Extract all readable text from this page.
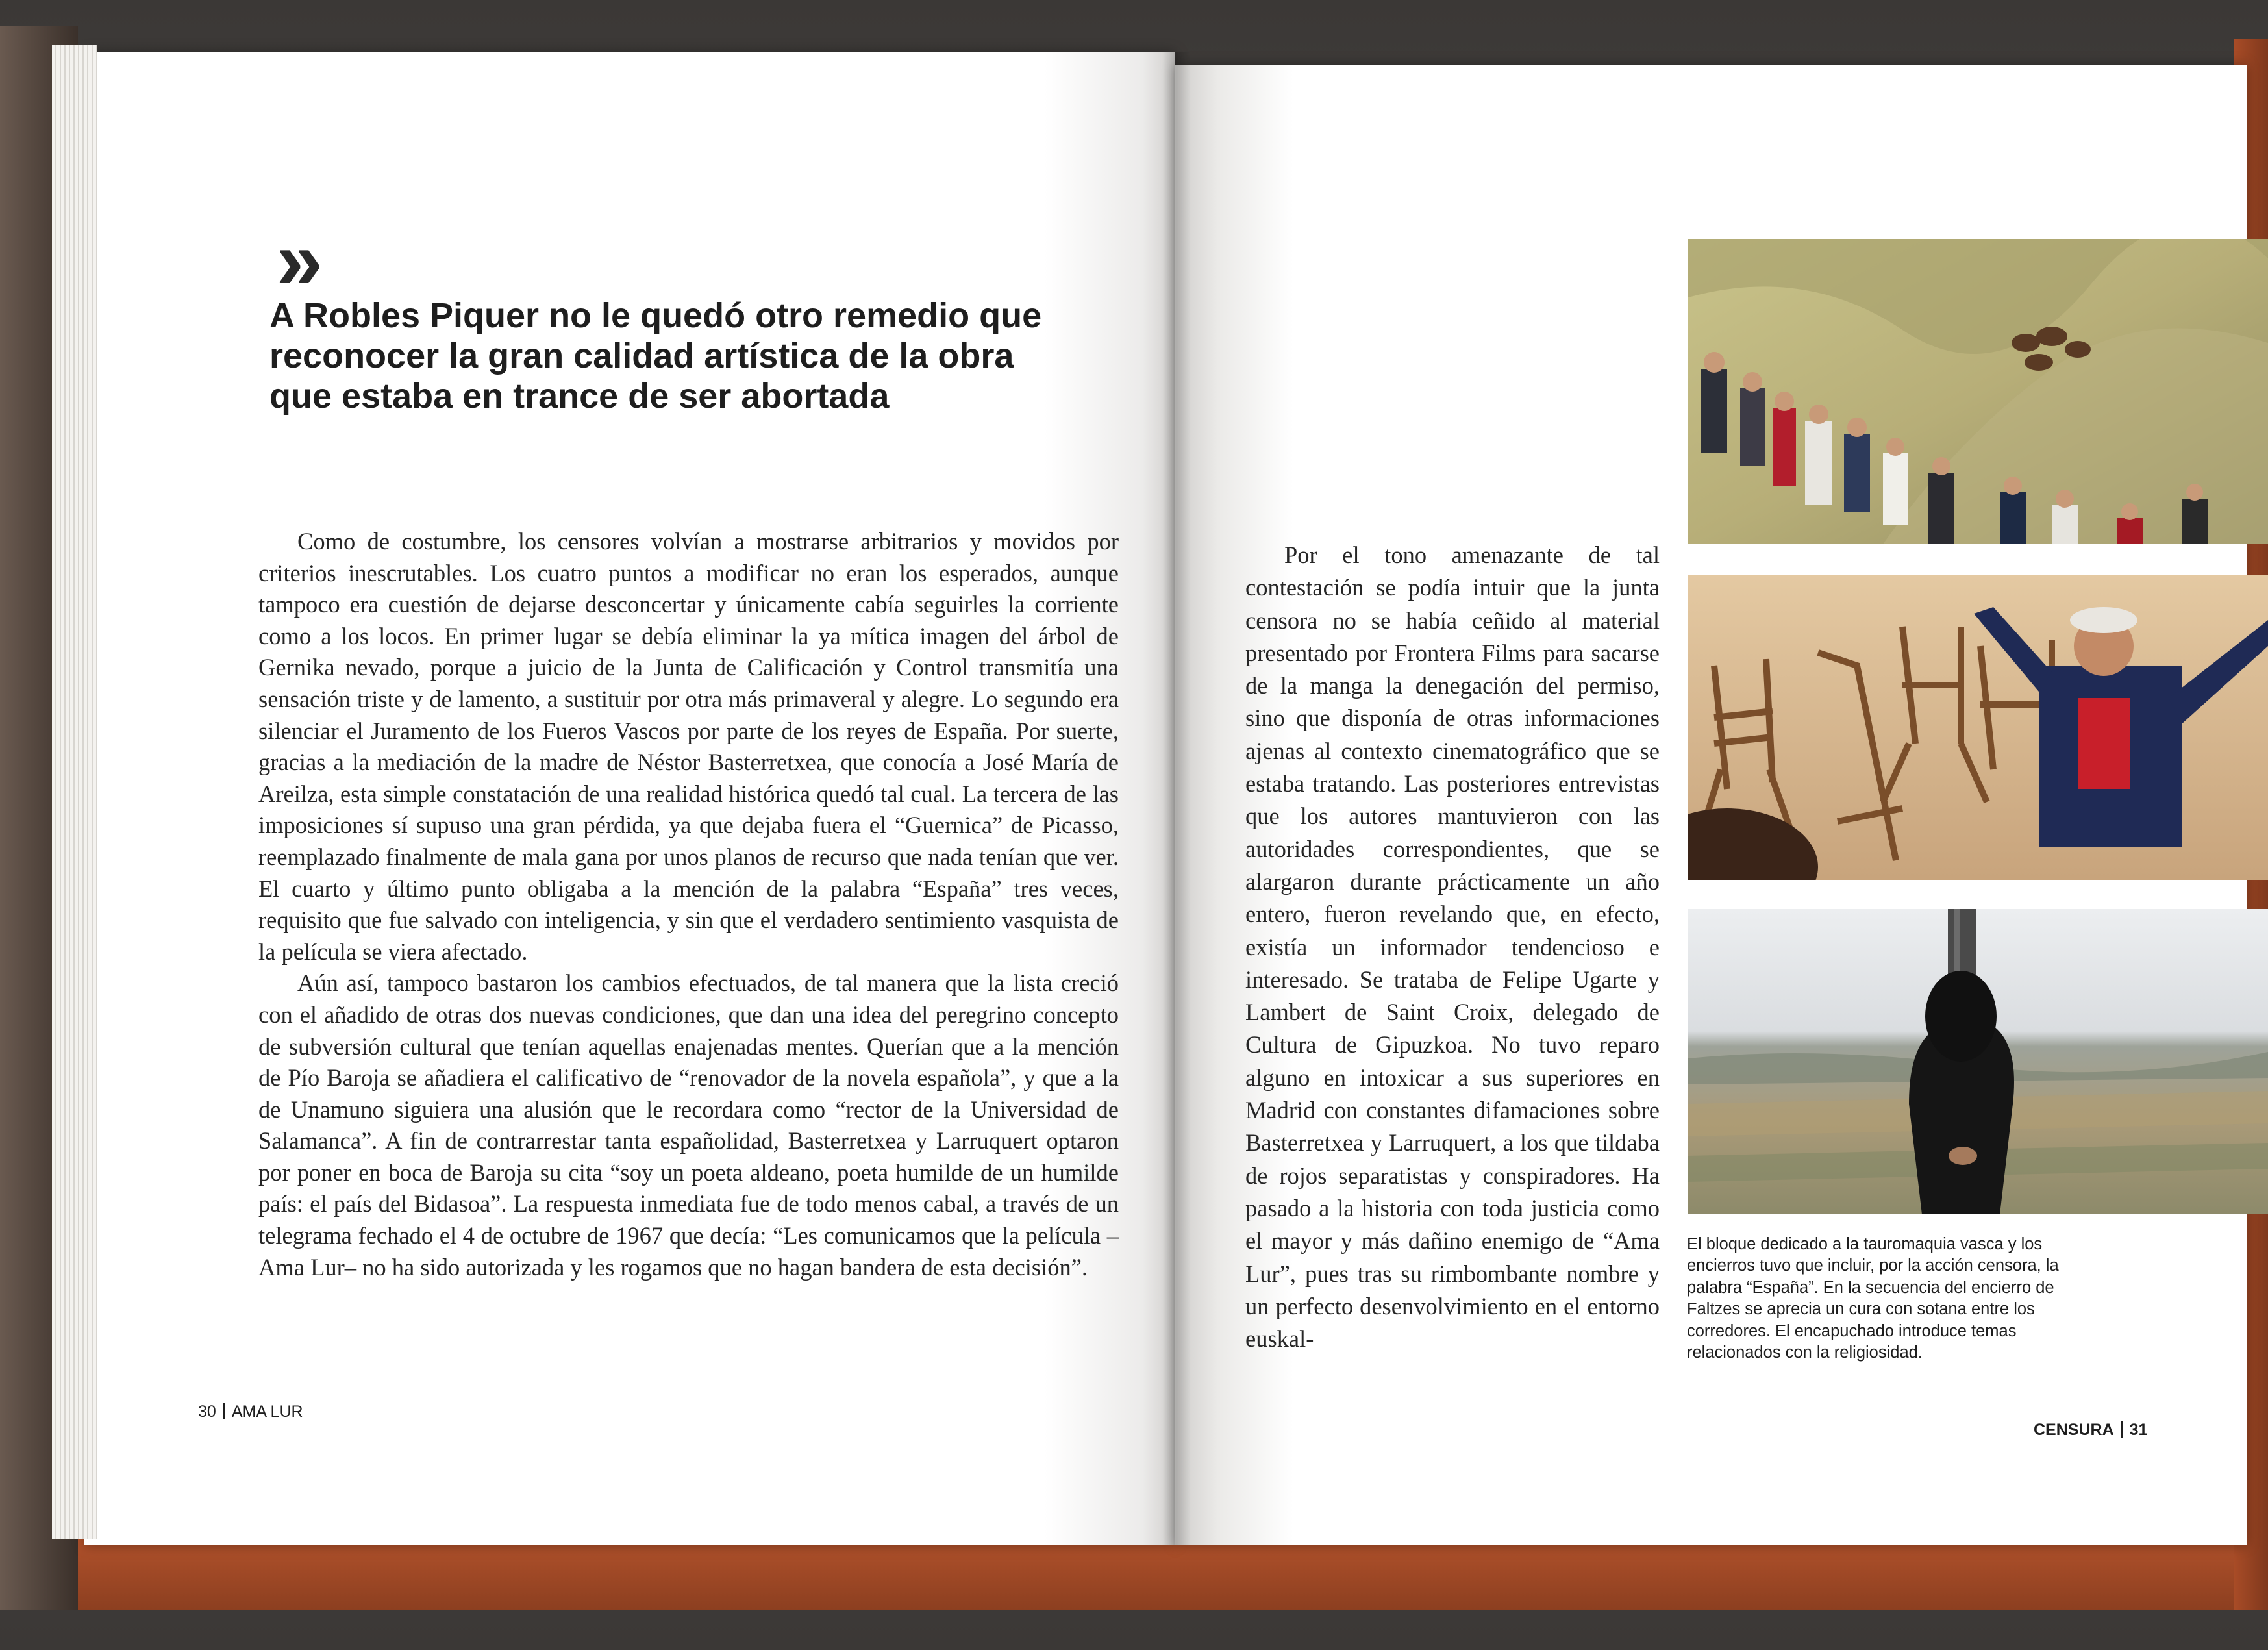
»
A Robles Piquer no le quedó otro remedio que reconocer la gran calidad artística de la obra que estaba en trance de ser abortada

Como de costumbre, los censores volvían a mostrarse arbitrarios y movidos por criterios inescrutables. Los cuatro puntos a modificar no eran los esperados, aunque tampoco era cuestión de dejarse desconcertar y únicamente cabía seguirles la corriente como a los locos. En primer lugar se debía eliminar la ya mítica imagen del árbol de Gernika nevado, porque a juicio de la Junta de Calificación y Control transmitía una sensación triste y de lamento, a sustituir por otra más primaveral y alegre. Lo segundo era silenciar el Juramento de los Fueros Vascos por parte de los reyes de España. Por suerte, gracias a la mediación de la madre de Néstor Basterretxea, que conocía a José María de Areilza, esta simple constatación de una realidad histórica quedó tal cual. La tercera de las imposiciones sí supuso una gran pérdida, ya que dejaba fuera el “Guernica” de Picasso, reemplazado finalmente de mala gana por unos planos de recurso que nada tenían que ver. El cuarto y último punto obligaba a la mención de la palabra “España” tres veces, requisito que fue salvado con inteligencia, y sin que el verdadero sentimiento vasquista de la película se viera afectado.

Aún así, tampoco bastaron los cambios efectuados, de tal manera que la lista creció con el añadido de otras dos nuevas condiciones, que dan una idea del peregrino concepto de subversión cultural que tenían aquellas enajenadas mentes. Querían que a la mención de Pío Baroja se añadiera el calificativo de “renovador de la novela española”, y que a la de Unamuno siguiera una alusión que le recordara como “rector de la Universidad de Salamanca”. A fin de contrarrestar tanta españolidad, Basterretxea y Larruquert optaron por poner en boca de Baroja su cita “soy un poeta aldeano, poeta humilde de un humilde país: el país del Bidasoa”. La respuesta inmediata fue de todo menos cabal, a través de un telegrama fechado el 4 de octubre de 1967 que decía: “Les comunicamos que la película –Ama Lur– no ha sido autorizada y les rogamos que no hagan bandera de esta decisión”.

30 AMA LUR

Por el tono amenazante de tal contestación se podía intuir que la junta censora no se había ceñido al material presentado por Frontera Films para sacarse de la manga la denegación del permiso, sino que disponía de otras informaciones ajenas al contexto cinematográfico que se estaba tratando. Las posteriores entrevistas que los autores mantuvieron con las autoridades correspondientes, que se alargaron durante prácticamente un año entero, fueron revelando que, en efecto, existía un informador tendencioso e interesado. Se trataba de Felipe Ugarte y Lambert de Saint Croix, delegado de Cultura de Gipuzkoa. No tuvo reparo alguno en intoxicar a sus superiores en Madrid con constantes difamaciones sobre Basterretxea y Larruquert, a los que tildaba de rojos separatistas y conspiradores. Ha pasado a la historia con toda justicia como el mayor y más dañino enemigo de “Ama Lur”, pues tras su rimbombante nombre y un perfecto desenvolvimiento en el entorno euskal-

El bloque dedicado a la tauromaquia vasca y los encierros tuvo que incluir, por la acción censora, la palabra “España”. En la secuencia del encierro de Faltzes se aprecia un cura con sotana entre los corredores. El encapuchado introduce temas relacionados con la religiosidad.
CENSURA 31
